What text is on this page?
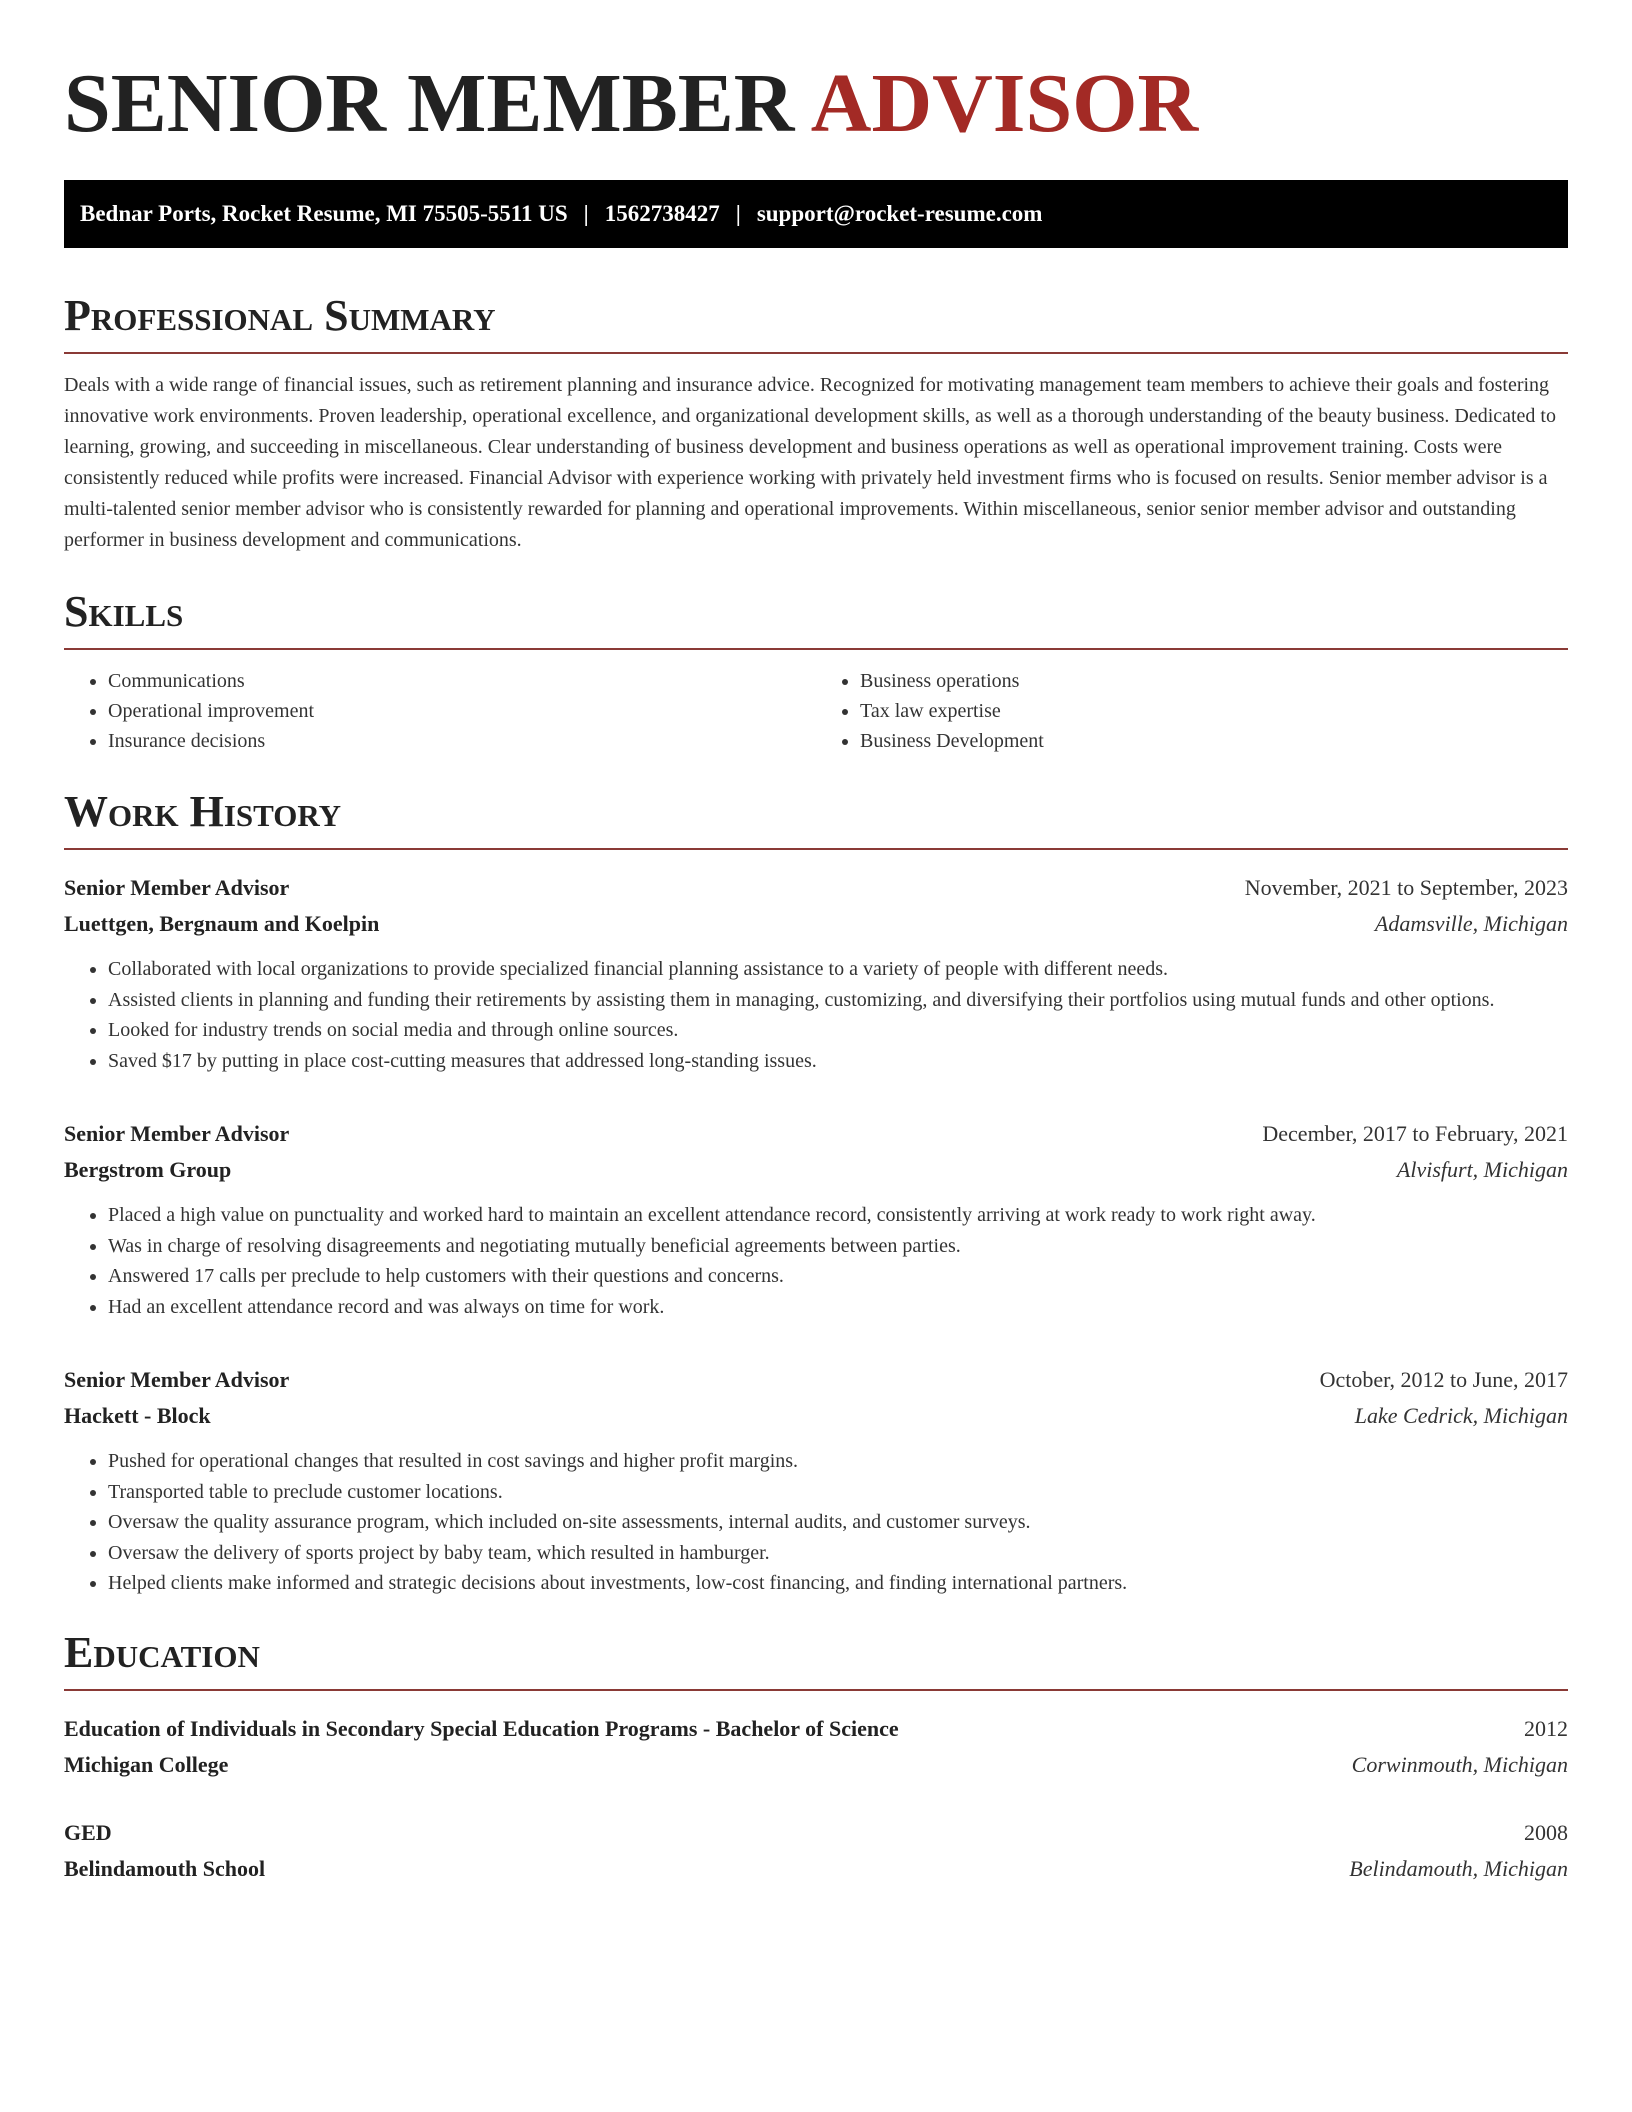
SENIOR MEMBER ADVISOR
Bednar Ports, Rocket Resume, MI 75505-5511 US | 1562738427 | support@rocket-resume.com
Professional Summary

Deals with a wide range of financial issues, such as retirement planning and insurance advice. Recognized for motivating management team members to achieve their goals and fostering innovative work environments. Proven leadership, operational excellence, and organizational development skills, as well as a thorough understanding of the beauty business. Dedicated to learning, growing, and succeeding in miscellaneous. Clear understanding of business development and business operations as well as operational improvement training. Costs were consistently reduced while profits were increased. Financial Advisor with experience working with privately held investment firms who is focused on results. Senior member advisor is a multi-talented senior member advisor who is consistently rewarded for planning and operational improvements. Within miscellaneous, senior senior member advisor and outstanding performer in business development and communications.

Skills
• Communications
• Operational improvement
• Insurance decisions
• Business operations
• Tax law expertise
• Business Development
Work History
Senior Member Advisor	November, 2021 to September, 2023
Luettgen, Bergnaum and Koelpin	Adamsville, Michigan
• Collaborated with local organizations to provide specialized financial planning assistance to a variety of people with different needs.
• Assisted clients in planning and funding their retirements by assisting them in managing, customizing, and diversifying their portfolios using mutual funds and other options.
• Looked for industry trends on social media and through online sources.
• Saved $17 by putting in place cost-cutting measures that addressed long-standing issues.
Senior Member Advisor	December, 2017 to February, 2021
Bergstrom Group	Alvisfurt, Michigan
• Placed a high value on punctuality and worked hard to maintain an excellent attendance record, consistently arriving at work ready to work right away.
• Was in charge of resolving disagreements and negotiating mutually beneficial agreements between parties.
• Answered 17 calls per preclude to help customers with their questions and concerns.
• Had an excellent attendance record and was always on time for work.
Senior Member Advisor	October, 2012 to June, 2017
Hackett - Block	Lake Cedrick, Michigan
• Pushed for operational changes that resulted in cost savings and higher profit margins.
• Transported table to preclude customer locations.
• Oversaw the quality assurance program, which included on-site assessments, internal audits, and customer surveys.
• Oversaw the delivery of sports project by baby team, which resulted in hamburger.
• Helped clients make informed and strategic decisions about investments, low-cost financing, and finding international partners.
Education
Education of Individuals in Secondary Special Education Programs - Bachelor of Science	2012
Michigan College	Corwinmouth, Michigan
GED	2008
Belindamouth School	Belindamouth, Michigan
